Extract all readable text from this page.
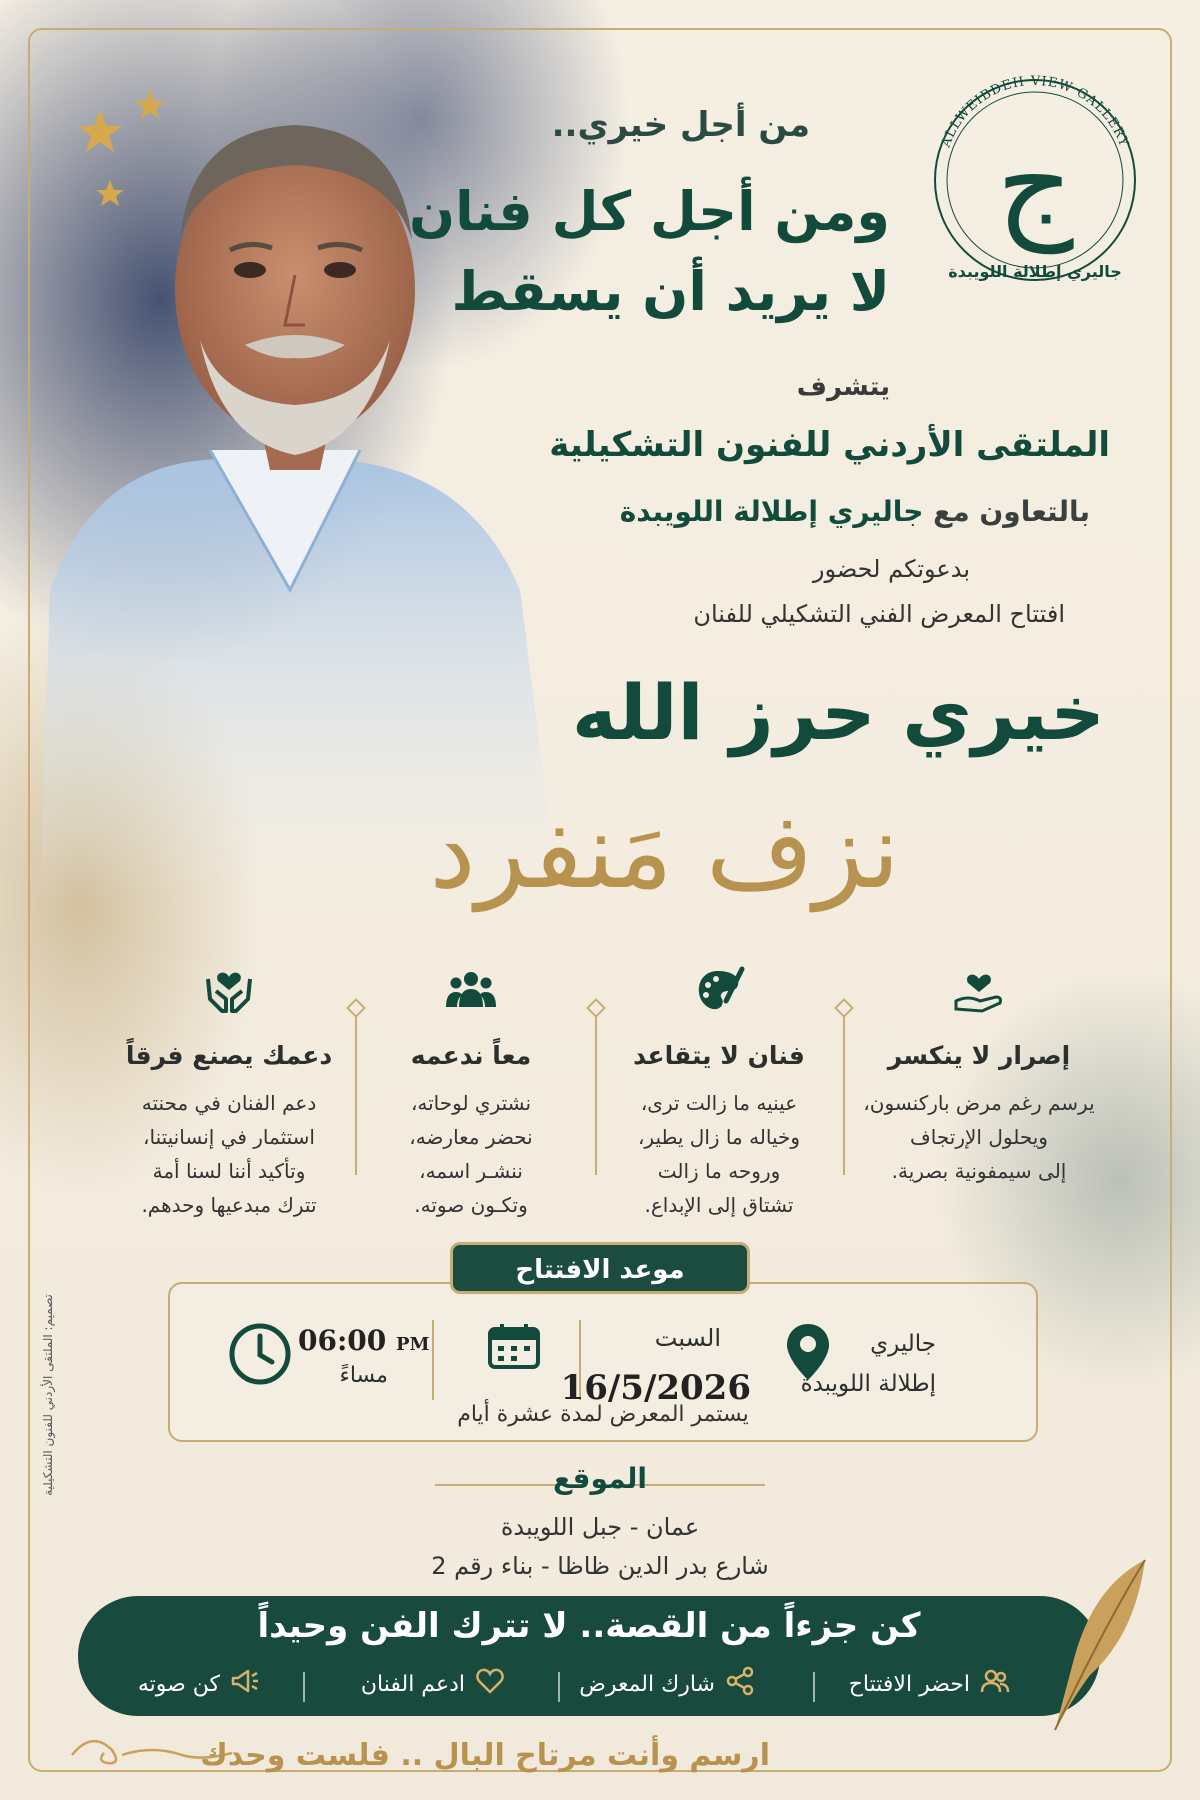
ALLWEIBDEH VIEW GALLERY
ج
جاليري إطلالة اللويبدة
من أجل خيري..
ومن أجل كل فنان
لا يريد أن يسقط
يتشرف
الملتقى الأردني للفنون التشكيلية
بالتعاون مع جاليري إطلالة اللويبدة
بدعوتكم لحضور
افتتاح المعرض الفني التشكيلي للفنان
خيري حرز الله
نزف مَنفرد
إصرار لا ينكسر
يرسم رغم مرض باركنسون،
ويحلول الإرتجاف
إلى سيمفونية بصرية.
فنان لا يتقاعد
عينيه ما زالت ترى،
وخياله ما زال يطير،
وروحه ما زالت
تشتاق إلى الإبداع.
معاً ندعمه
نشتري لوحاته،
نحضر معارضه،
ننشـر اسمه،
وتكـون صوته.
دعمك يصنع فرقاً
دعم الفنان في محنته
استثمار في إنسانيتنا،
وتأكيد أننا لسنا أمة
تترك مبدعيها وحدهم.
جاليري
إطلالة اللويبدة
السبت
16/5/2026
06:00 PM
مساءً
يستمر المعرض لمدة عشرة أيام
موعد الافتتاح
الموقع
عمان - جبل اللويبدة
شارع بدر الدين ظاظا - بناء رقم 2
كن جزءاً من القصة.. لا تترك الفن وحيداً
احضر الافتتاح
شارك المعرض
ادعم الفنان
كن صوته
ارسم وأنت مرتاح البال .. فلست وحدك
تصميم: الملتقى الأردني للفنون التشكيلية
